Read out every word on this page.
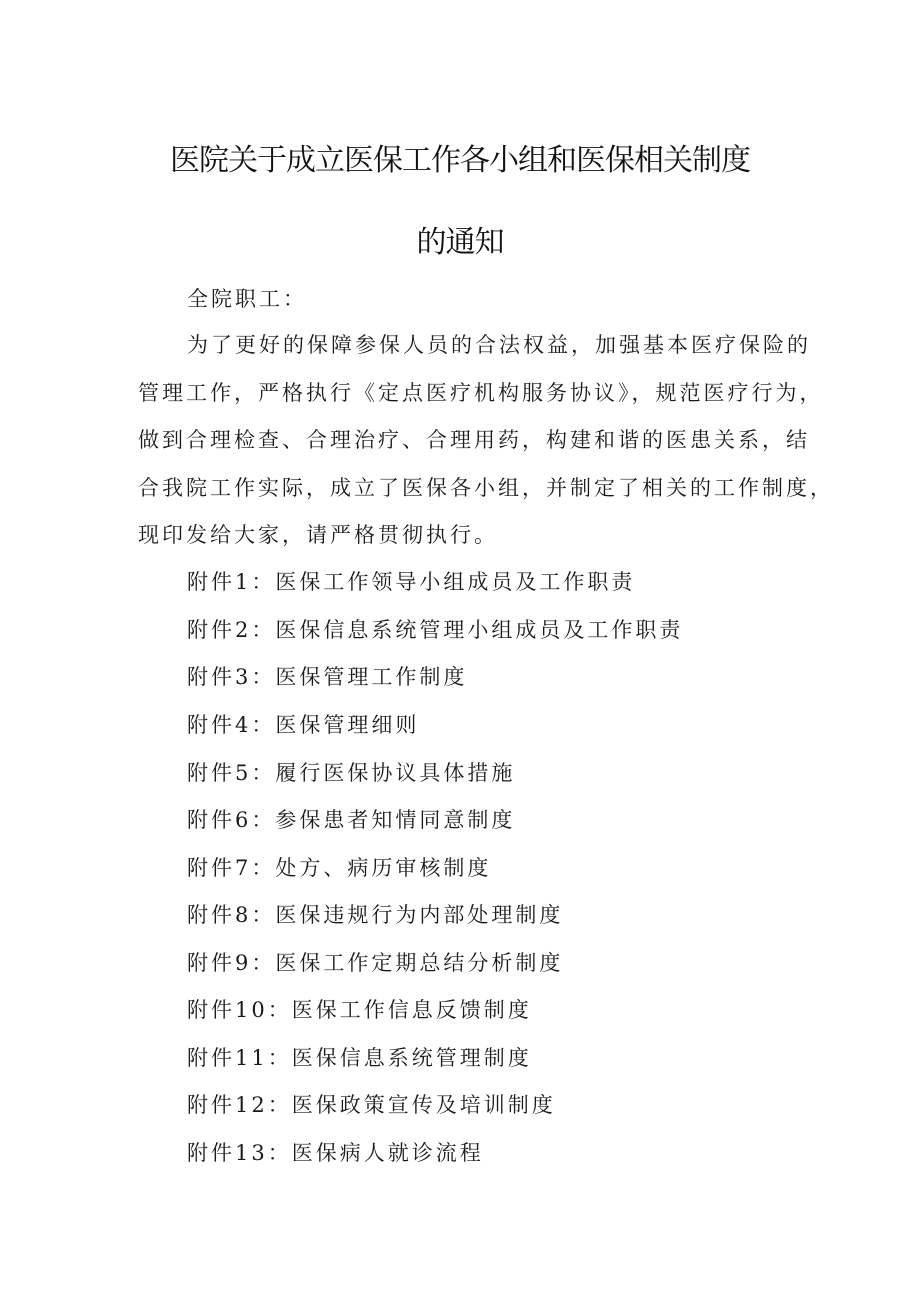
医院关于成立医保工作各小组和医保相关制度
的通知
全院职工：
为了更好的保障参保人员的合法权益，加强基本医疗保险的
管理工作，严格执行《定点医疗机构服务协议》，规范医疗行为，
做到合理检查、合理治疗、合理用药，构建和谐的医患关系，结
合我院工作实际，成立了医保各小组，并制定了相关的工作制度，
现印发给大家，请严格贯彻执行。
附件1：医保工作领导小组成员及工作职责
附件2：医保信息系统管理小组成员及工作职责
附件3：医保管理工作制度
附件4：医保管理细则
附件5：履行医保协议具体措施
附件6：参保患者知情同意制度
附件7：处方、病历审核制度
附件8：医保违规行为内部处理制度
附件9：医保工作定期总结分析制度
附件10：医保工作信息反馈制度
附件11：医保信息系统管理制度
附件12：医保政策宣传及培训制度
附件13：医保病人就诊流程
